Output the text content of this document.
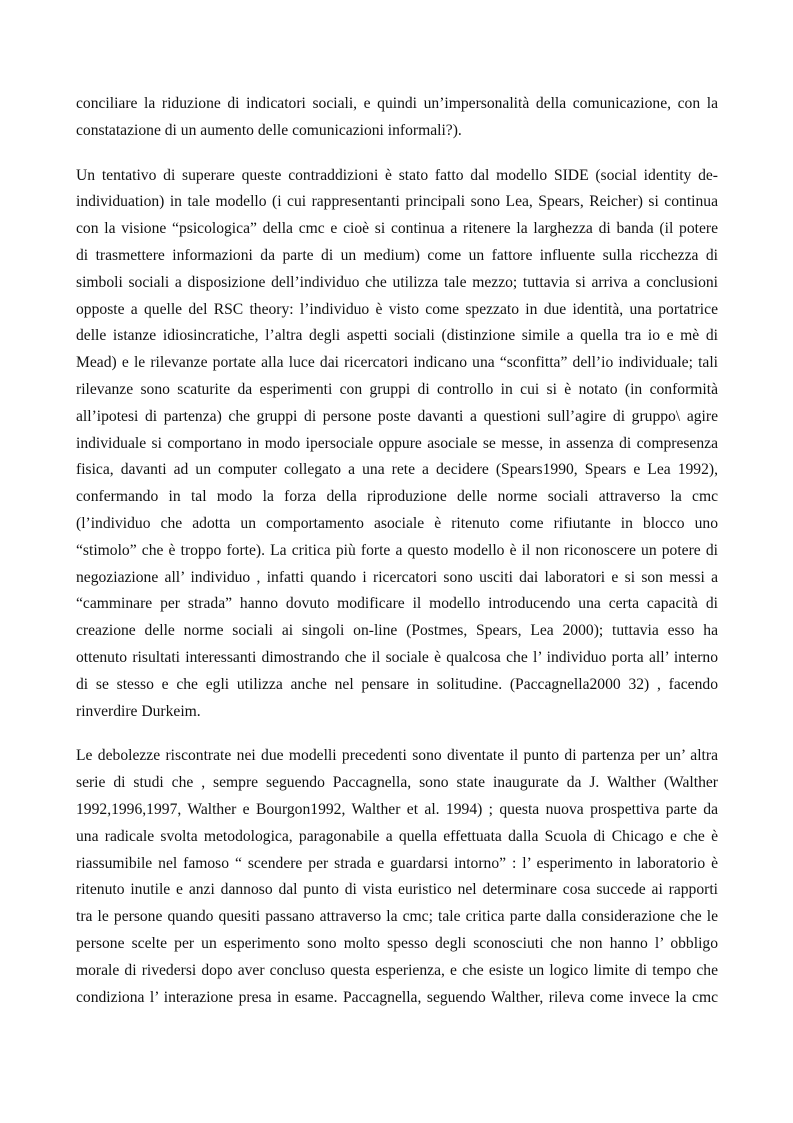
conciliare la riduzione di indicatori sociali, e quindi un’impersonalità della comunicazione, con la
constatazione di un aumento delle comunicazioni informali?).
Un tentativo di superare queste contraddizioni è stato fatto dal modello SIDE (social identity de-
individuation) in tale modello (i cui rappresentanti principali sono Lea, Spears, Reicher) si continua
con la visione “psicologica” della cmc e cioè si continua a ritenere la larghezza di banda (il potere
di trasmettere informazioni da parte di un medium) come un fattore influente sulla ricchezza di
simboli sociali a disposizione dell’individuo che utilizza tale mezzo; tuttavia si arriva a conclusioni
opposte a quelle del RSC theory: l’individuo è visto come spezzato in due identità, una portatrice
delle istanze idiosincratiche, l’altra degli aspetti sociali (distinzione simile a quella tra io e mè di
Mead) e le rilevanze portate alla luce dai ricercatori indicano una “sconfitta” dell’io individuale; tali
rilevanze sono scaturite da esperimenti con gruppi di controllo in cui si è notato (in conformità
all’ipotesi di partenza) che gruppi di persone poste davanti a questioni sull’agire di gruppo\ agire
individuale si comportano in modo ipersociale oppure asociale se messe, in assenza di compresenza
fisica, davanti ad un computer collegato a una rete a decidere (Spears1990, Spears e Lea 1992),
confermando in tal modo la forza della riproduzione delle norme sociali attraverso la cmc
(l’individuo che adotta un comportamento asociale è ritenuto come rifiutante in blocco uno
“stimolo” che è troppo forte). La critica più forte a questo modello è il non riconoscere un potere di
negoziazione all’ individuo , infatti quando i ricercatori sono usciti dai laboratori e si son messi a
“camminare per strada” hanno dovuto modificare il modello introducendo una certa capacità di
creazione delle norme sociali ai singoli on-line (Postmes, Spears, Lea 2000); tuttavia esso ha
ottenuto risultati interessanti dimostrando che il sociale è qualcosa che l’ individuo porta all’ interno
di se stesso e che egli utilizza anche nel pensare in solitudine. (Paccagnella2000 32) , facendo
rinverdire Durkeim.
Le debolezze riscontrate nei due modelli precedenti sono diventate il punto di partenza per un’ altra
serie di studi che , sempre seguendo Paccagnella, sono state inaugurate da J. Walther (Walther
1992,1996,1997, Walther e Bourgon1992, Walther et al. 1994) ; questa nuova prospettiva parte da
una radicale svolta metodologica, paragonabile a quella effettuata dalla Scuola di Chicago e che è
riassumibile nel famoso “ scendere per strada e guardarsi intorno” : l’ esperimento in laboratorio è
ritenuto inutile e anzi dannoso dal punto di vista euristico nel determinare cosa succede ai rapporti
tra le persone quando quesiti passano attraverso la cmc; tale critica parte dalla considerazione che le
persone scelte per un esperimento sono molto spesso degli sconosciuti che non hanno l’ obbligo
morale di rivedersi dopo aver concluso questa esperienza, e che esiste un logico limite di tempo che
condiziona l’ interazione presa in esame. Paccagnella, seguendo Walther, rileva come invece la cmc
